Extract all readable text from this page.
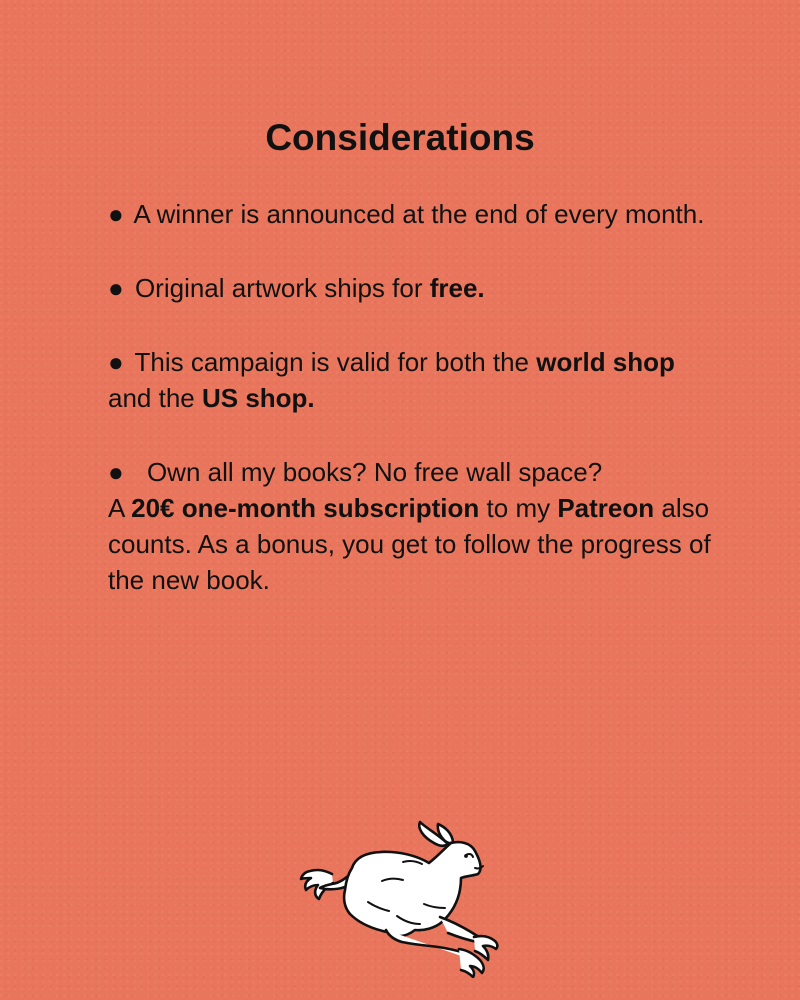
Considerations
● A winner is announced at the end of every month.
● Original artwork ships for free.
● This campaign is valid for both the world shop and the US shop.
● Own all my books? No free wall space?
A 20€ one-month subscription to my Patreon also counts. As a bonus, you get to follow the progress of the new book.
